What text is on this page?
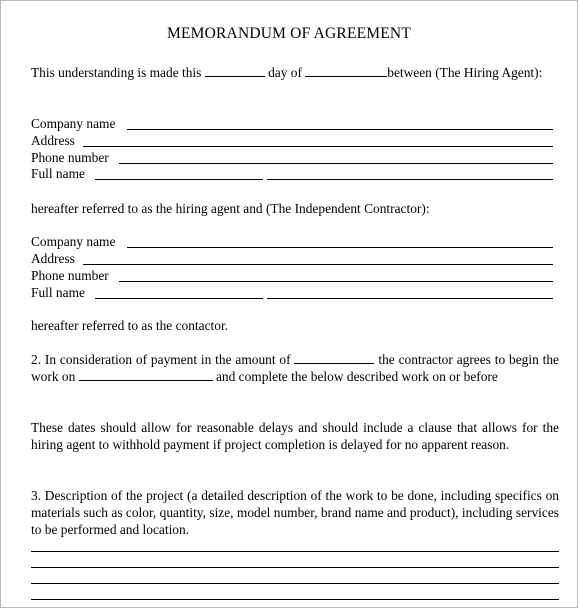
MEMORANDUM OF AGREEMENT
This understanding is made this	day of	between (The Hiring Agent):
Company name
Address
Phone number
Full name
hereafter referred to as the hiring agent and (The Independent Contractor):
Company name
Address
Phone number
Full name
hereafter referred to as the contactor.
2. In consideration of payment in the amount of	the contractor agrees to begin the work on	and complete the below described work on or before
These dates should allow for reasonable delays and should include a clause that allows for the hiring agent to withhold payment if project completion is delayed for no apparent reason.
3. Description of the project (a detailed description of the work to be done, including specifics on materials such as color, quantity, size, model number, brand name and product), including services to be performed and location.
